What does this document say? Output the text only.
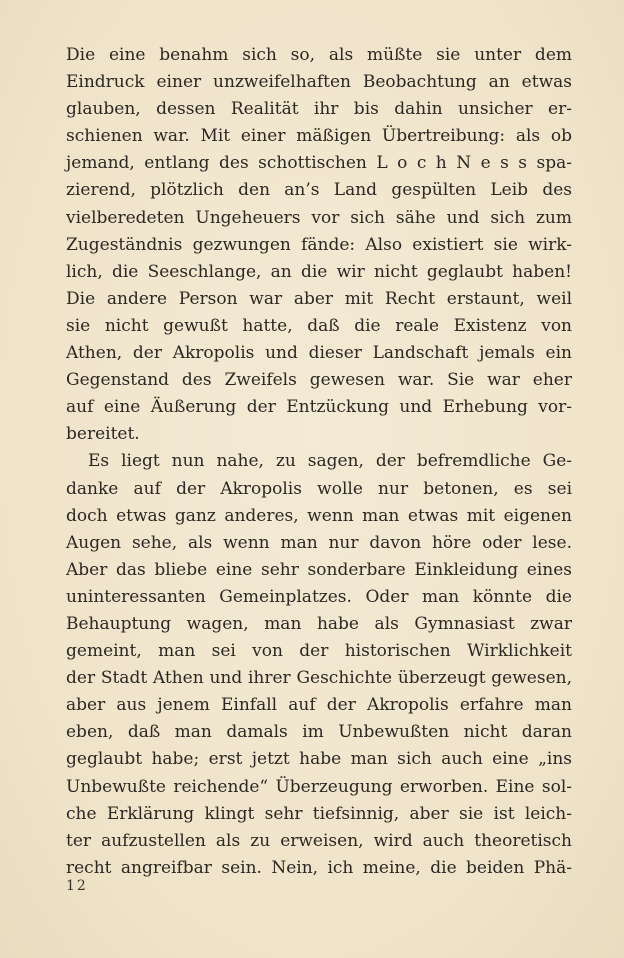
Die eine benahm sich so, als müßte sie unter dem
Eindruck einer unzweifelhaften Beobachtung an etwas
glauben, dessen Realität ihr bis dahin unsicher er-
schienen war. Mit einer mäßigen Übertreibung: als ob
jemand, entlang des schottischen L o c h N e s s spa-
zierend, plötzlich den an’s Land gespülten Leib des
vielberedeten Ungeheuers vor sich sähe und sich zum
Zugeständnis gezwungen fände: Also existiert sie wirk-
lich, die Seeschlange, an die wir nicht geglaubt haben!
Die andere Person war aber mit Recht erstaunt, weil
sie nicht gewußt hatte, daß die reale Existenz von
Athen, der Akropolis und dieser Landschaft jemals ein
Gegenstand des Zweifels gewesen war. Sie war eher
auf eine Äußerung der Entzückung und Erhebung vor-
bereitet.
Es liegt nun nahe, zu sagen, der befremdliche Ge-
danke auf der Akropolis wolle nur betonen, es sei
doch etwas ganz anderes, wenn man etwas mit eigenen
Augen sehe, als wenn man nur davon höre oder lese.
Aber das bliebe eine sehr sonderbare Einkleidung eines
uninteressanten Gemeinplatzes. Oder man könnte die
Behauptung wagen, man habe als Gymnasiast zwar
gemeint, man sei von der historischen Wirklichkeit
der Stadt Athen und ihrer Geschichte überzeugt gewesen,
aber aus jenem Einfall auf der Akropolis erfahre man
eben, daß man damals im Unbewußten nicht daran
geglaubt habe; erst jetzt habe man sich auch eine „ins
Unbewußte reichende“ Überzeugung erworben. Eine sol-
che Erklärung klingt sehr tiefsinnig, aber sie ist leich-
ter aufzustellen als zu erweisen, wird auch theoretisch
recht angreifbar sein. Nein, ich meine, die beiden Phä-
12
